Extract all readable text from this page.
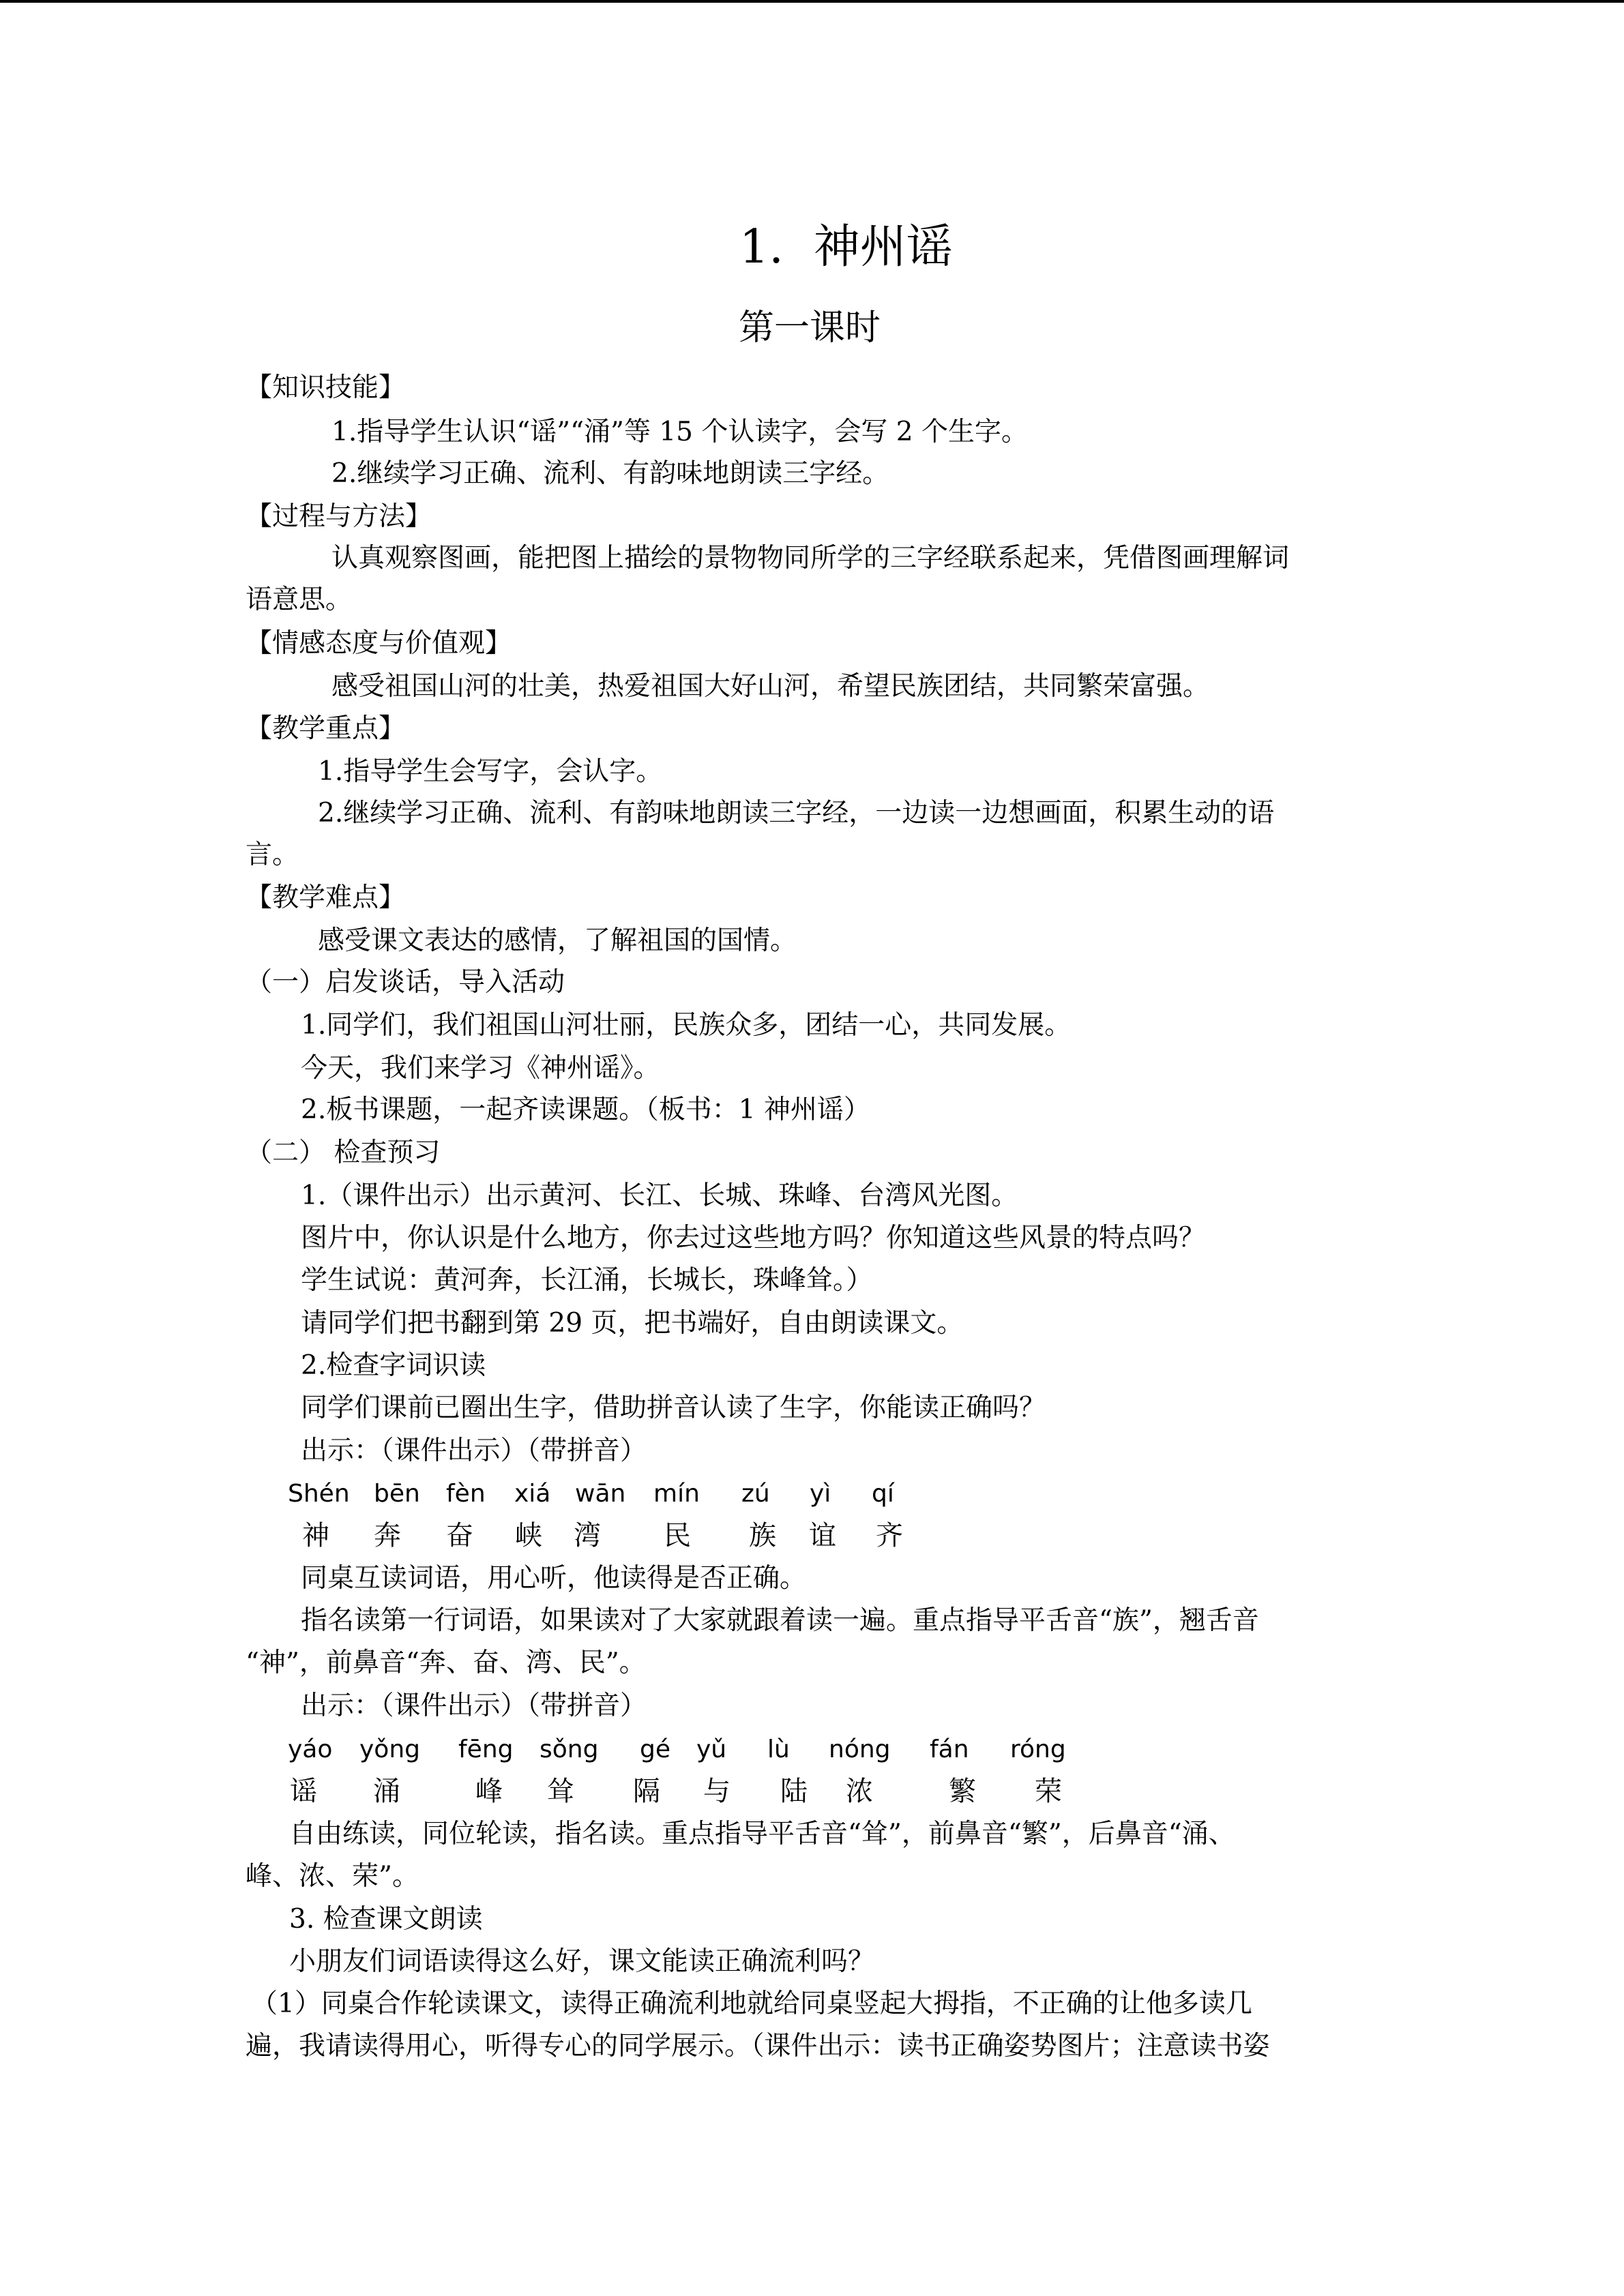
1. 神州谣
第一课时
【知识技能】
1.指导学生认识“谣”“涌”等 15 个认读字，会写 2 个生字。
2.继续学习正确、流利、有韵味地朗读三字经。
【过程与方法】
认真观察图画，能把图上描绘的景物物同所学的三字经联系起来，凭借图画理解词
语意思。
【情感态度与价值观】
感受祖国山河的壮美，热爱祖国大好山河，希望民族团结，共同繁荣富强。
【教学重点】
1.指导学生会写字，会认字。
2.继续学习正确、流利、有韵味地朗读三字经，一边读一边想画面，积累生动的语
言。
【教学难点】
感受课文表达的感情，了解祖国的国情。
（一）启发谈话，导入活动
1.同学们，我们祖国山河壮丽，民族众多，团结一心，共同发展。
今天，我们来学习《神州谣》。
2.板书课题，一起齐读课题。（板书：1 神州谣）
（二） 检查预习
1.（课件出示）出示黄河、长江、长城、珠峰、台湾风光图。
图片中，你认识是什么地方，你去过这些地方吗？你知道这些风景的特点吗？
学生试说：黄河奔，长江涌，长城长，珠峰耸。）
请同学们把书翻到第 29 页，把书端好，自由朗读课文。
2.检查字词识读
同学们课前已圈出生字，借助拼音认读了生字，你能读正确吗？
出示：（课件出示）（带拼音）
Shén bēn fèn xiá wān mín zú yì qí
神 奔 奋 峡 湾 民 族 谊 齐
同桌互读词语，用心听，他读得是否正确。
指名读第一行词语，如果读对了大家就跟着读一遍。重点指导平舌音“族”，翘舌音
“神”，前鼻音“奔、奋、湾、民”。
出示：（课件出示）（带拼音）
yáo yǒng fēng sǒng gé yǔ lù nóng fán róng
谣 涌	峰 耸 隔 与 陆 浓	繁 荣
自由练读，同位轮读，指名读。重点指导平舌音“耸”，前鼻音“繁”，后鼻音“涌、
峰、浓、荣”。
3. 检查课文朗读
小朋友们词语读得这么好，课文能读正确流利吗？
（1）同桌合作轮读课文，读得正确流利地就给同桌竖起大拇指，不正确的让他多读几
遍，我请读得用心，听得专心的同学展示。（课件出示：读书正确姿势图片；注意读书姿
